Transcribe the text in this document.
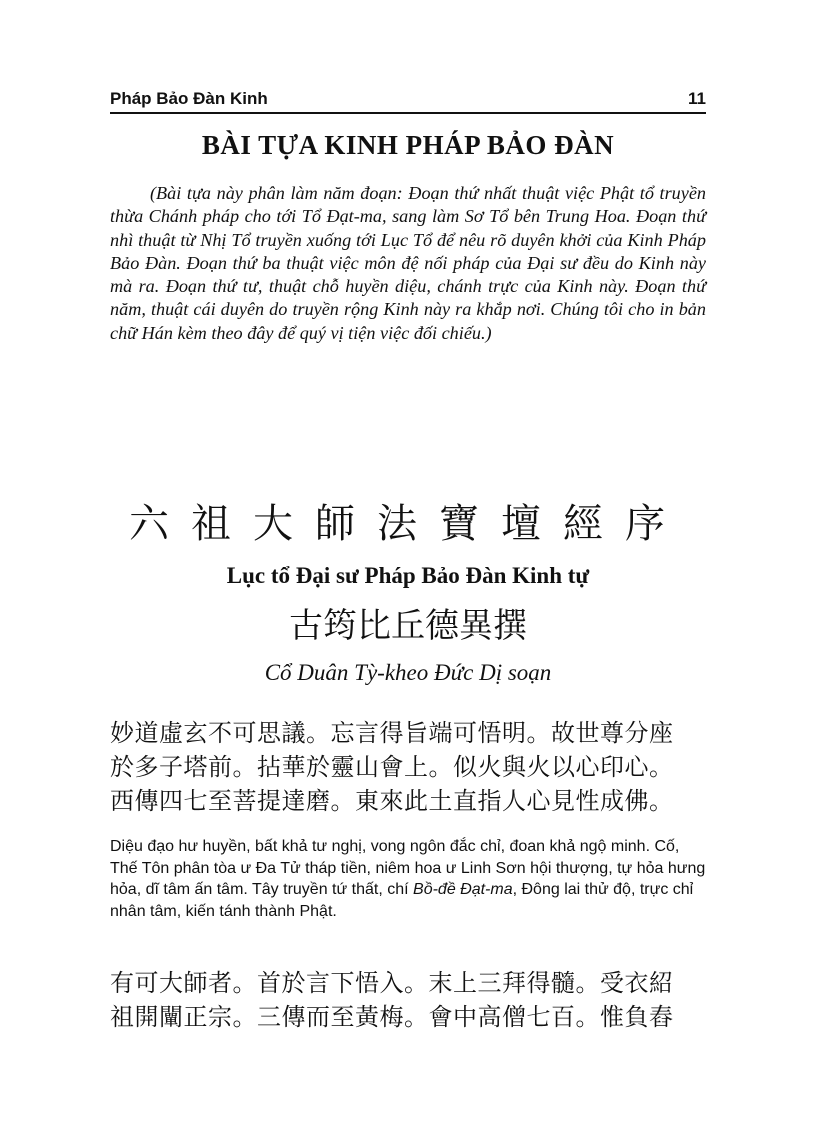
Pháp Bảo Đàn Kinh	11
BÀI TỰA KINH PHÁP BẢO ĐÀN

(Bài tựa này phân làm năm đoạn: Đoạn thứ nhất thuật việc Phật tổ truyền thừa Chánh pháp cho tới Tổ Đạt-ma, sang làm Sơ Tổ bên Trung Hoa. Đoạn thứ nhì thuật từ Nhị Tổ truyền xuống tới Lục Tổ để nêu rõ duyên khởi của Kinh Pháp Bảo Đàn. Đoạn thứ ba thuật việc môn đệ nối pháp của Đại sư đều do Kinh này mà ra. Đoạn thứ tư, thuật chỗ huyền diệu, chánh trực của Kinh này. Đoạn thứ năm, thuật cái duyên do truyền rộng Kinh này ra khắp nơi. Chúng tôi cho in bản chữ Hán kèm theo đây để quý vị tiện việc đối chiếu.)

六祖大師法寶壇經序
Lục tổ Đại sư Pháp Bảo Đàn Kinh tự
古筠比丘德異撰
Cổ Duân Tỳ-kheo Đức Dị soạn
妙道虛玄不可思議。忘言得旨端可悟明。故世尊分座
於多子塔前。拈華於靈山會上。似火與火以心印心。
西傳四七至菩提達磨。東來此土直指人心見性成佛。

Diệu đạo hư huyền, bất khả tư nghị, vong ngôn đắc chỉ, đoan khả ngộ minh. Cố, Thế Tôn phân tòa ư Đa Tử tháp tiền, niêm hoa ư Linh Sơn hội thượng, tự hỏa hưng hỏa, dĩ tâm ấn tâm. Tây truyền tứ thất, chí Bồ-đề Đạt-ma, Đông lai thử độ, trực chỉ nhân tâm, kiến tánh thành Phật.

有可大師者。首於言下悟入。末上三拜得髓。受衣紹
祖開闡正宗。三傳而至黃梅。會中高僧七百。惟負舂
